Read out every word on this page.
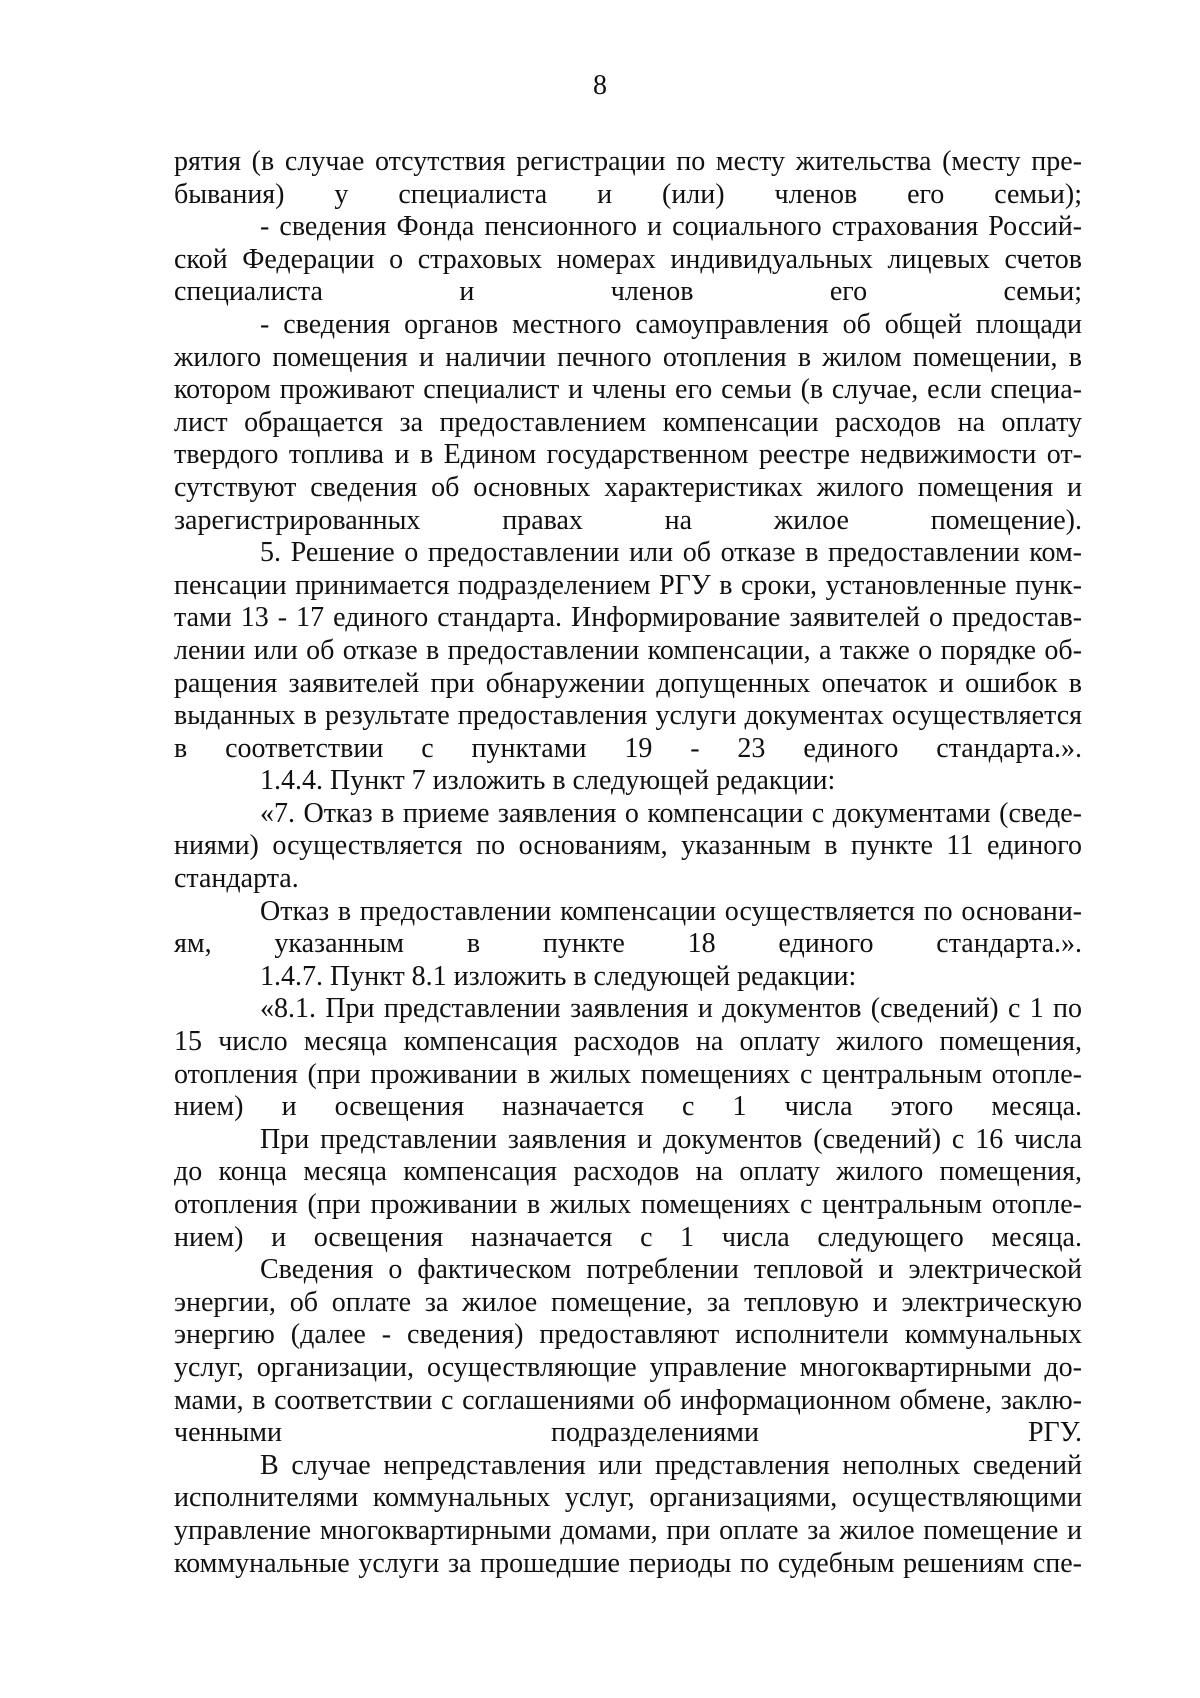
8

рятия (в случае отсутствия регистрации по месту жительства (месту пре- бывания) у специалиста и (или) членов его семьи);

- сведения Фонда пенсионного и социального страхования Россий- ской Федерации о страховых номерах индивидуальных лицевых счетов специалиста и членов его семьи;

- сведения органов местного самоуправления об общей площади жилого помещения и наличии печного отопления в жилом помещении, в котором проживают специалист и члены его семьи (в случае, если специа- лист обращается за предоставлением компенсации расходов на оплату твердого топлива и в Едином государственном реестре недвижимости от- сутствуют сведения об основных характеристиках жилого помещения и зарегистрированных правах на жилое помещение).

5. Решение о предоставлении или об отказе в предоставлении ком- пенсации принимается подразделением РГУ в сроки, установленные пунк- тами 13 - 17 единого стандарта. Информирование заявителей о предостав- лении или об отказе в предоставлении компенсации, а также о порядке об- ращения заявителей при обнаружении допущенных опечаток и ошибок в выданных в результате предоставления услуги документах осуществляется в соответствии с пунктами 19 - 23 единого стандарта.».

1.4.4. Пункт 7 изложить в следующей редакции:

«7. Отказ в приеме заявления о компенсации с документами (сведе- ниями) осуществляется по основаниям, указанным в пункте 11 единого стандарта.

Отказ в предоставлении компенсации осуществляется по основани- ям, указанным в пункте 18 единого стандарта.».

1.4.7. Пункт 8.1 изложить в следующей редакции:

«8.1. При представлении заявления и документов (сведений) с 1 по 15 число месяца компенсация расходов на оплату жилого помещения, отопления (при проживании в жилых помещениях с центральным отопле- нием) и освещения назначается с 1 числа этого месяца.

При представлении заявления и документов (сведений) с 16 числа до конца месяца компенсация расходов на оплату жилого помещения, отопления (при проживании в жилых помещениях с центральным отопле- нием) и освещения назначается с 1 числа следующего месяца.

Сведения о фактическом потреблении тепловой и электрической энергии, об оплате за жилое помещение, за тепловую и электрическую энергию (далее - сведения) предоставляют исполнители коммунальных услуг, организации, осуществляющие управление многоквартирными до- мами, в соответствии с соглашениями об информационном обмене, заклю- ченными подразделениями РГУ.

В случае непредставления или представления неполных сведений исполнителями коммунальных услуг, организациями, осуществляющими управление многоквартирными домами, при оплате за жилое помещение и коммунальные услуги за прошедшие периоды по судебным решениям спе-
